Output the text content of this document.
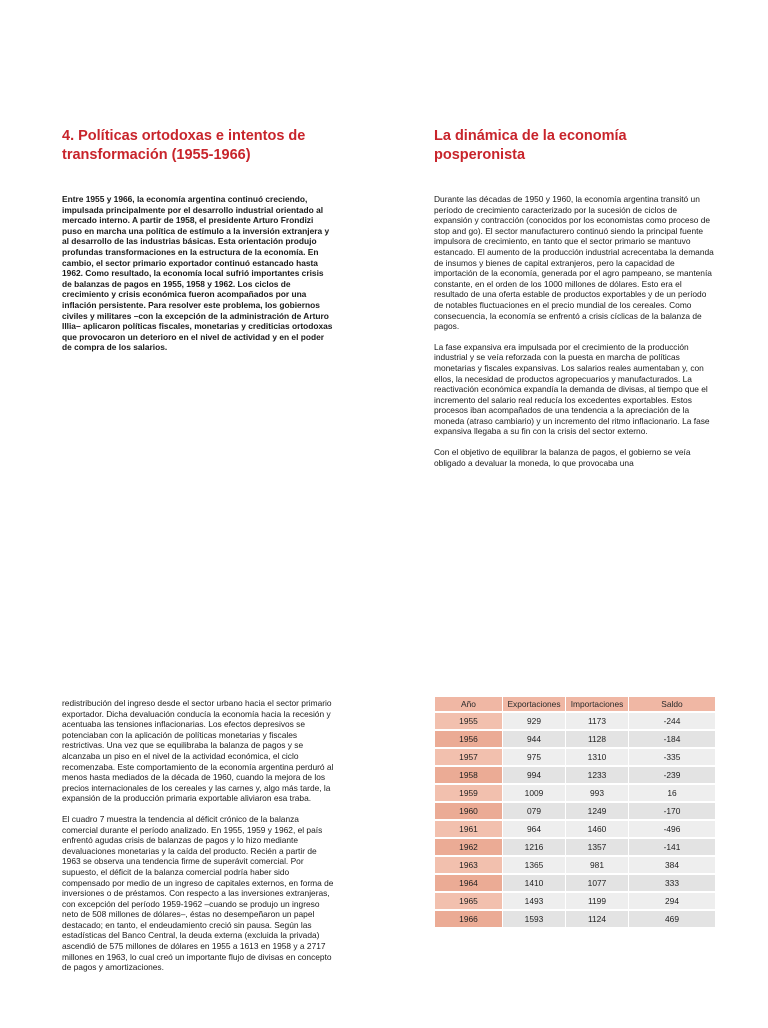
4. Políticas ortodoxas e intentos de transformación (1955-1966)
La dinámica de la economía posperonista

Entre 1955 y 1966, la economía argentina continuó creciendo, impulsada principalmente por el desarrollo industrial orientado al mercado interno. A partir de 1958, el presidente Arturo Frondizi puso en marcha una política de estímulo a la inversión extranjera y al desarrollo de las industrias básicas. Esta orientación produjo profundas transformaciones en la estructura de la economía. En cambio, el sector primario exportador continuó estancado hasta 1962. Como resultado, la economía local sufrió importantes crisis de balanzas de pagos en 1955, 1958 y 1962. Los ciclos de crecimiento y crisis económica fueron acompañados por una inflación persistente. Para resolver este problema, los gobiernos civiles y militares –con la excepción de la administración de Arturo Illia– aplicaron políticas fiscales, monetarias y crediticias ortodoxas que provocaron un deterioro en el nivel de actividad y en el poder de compra de los salarios.

Durante las décadas de 1950 y 1960, la economía argentina transitó un período de crecimiento caracterizado por la sucesión de ciclos de expansión y contracción (conocidos por los economistas como proceso de stop and go). El sector manufacturero continuó siendo la principal fuente impulsora de crecimiento, en tanto que el sector primario se mantuvo estancado. El aumento de la producción industrial acrecentaba la demanda de insumos y bienes de capital extranjeros, pero la capacidad de importación de la economía, generada por el agro pampeano, se mantenía constante, en el orden de los 1000 millones de dólares. Esto era el resultado de una oferta estable de productos exportables y de un período de notables fluctuaciones en el precio mundial de los cereales. Como consecuencia, la economía se enfrentó a crisis cíclicas de la balanza de pagos.

La fase expansiva era impulsada por el crecimiento de la producción industrial y se veía reforzada con la puesta en marcha de políticas monetarias y fiscales expansivas. Los salarios reales aumentaban y, con ellos, la necesidad de productos agropecuarios y manufacturados. La reactivación económica expandía la demanda de divisas, al tiempo que el incremento del salario real reducía los excedentes exportables. Estos procesos iban acompañados de una tendencia a la apreciación de la moneda (atraso cambiario) y un incremento del ritmo inflacionario. La fase expansiva llegaba a su fin con la crisis del sector externo.

Con el objetivo de equilibrar la balanza de pagos, el gobierno se veía obligado a devaluar la moneda, lo que provocaba una

redistribución del ingreso desde el sector urbano hacia el sector primario exportador. Dicha devaluación conducía la economía hacia la recesión y acentuaba las tensiones inflacionarias. Los efectos depresivos se potenciaban con la aplicación de políticas monetarias y fiscales restrictivas. Una vez que se equilibraba la balanza de pagos y se alcanzaba un piso en el nivel de la actividad económica, el ciclo recomenzaba. Este comportamiento de la economía argentina perduró al menos hasta mediados de la década de 1960, cuando la mejora de los precios internacionales de los cereales y las carnes y, algo más tarde, la expansión de la producción primaria exportable aliviaron esa traba.

El cuadro 7 muestra la tendencia al déficit crónico de la balanza comercial durante el período analizado. En 1955, 1959 y 1962, el país enfrentó agudas crisis de balanzas de pagos y lo hizo mediante devaluaciones monetarias y la caída del producto. Recién a partir de 1963 se observa una tendencia firme de superávit comercial. Por supuesto, el déficit de la balanza comercial podría haber sido compensado por medio de un ingreso de capitales externos, en forma de inversiones o de préstamos. Con respecto a las inversiones extranjeras, con excepción del período 1959-1962 –cuando se produjo un ingreso neto de 508 millones de dólares–, éstas no desempeñaron un papel destacado; en tanto, el endeudamiento creció sin pausa. Según las estadísticas del Banco Central, la deuda externa (excluida la privada) ascendió de 575 millones de dólares en 1955 a 1613 en 1958 y a 2717 millones en 1963, lo cual creó un importante flujo de divisas en concepto de pagos y amortizaciones.

Año	Exportaciones	Importaciones	Saldo
1955	929	1173	-244
1956	944	1128	-184
1957	975	1310	-335
1958	994	1233	-239
1959	1009	993	16
1960	079	1249	-170
1961	964	1460	-496
1962	1216	1357	-141
1963	1365	981	384
1964	1410	1077	333
1965	1493	1199	294
1966	1593	1124	469
